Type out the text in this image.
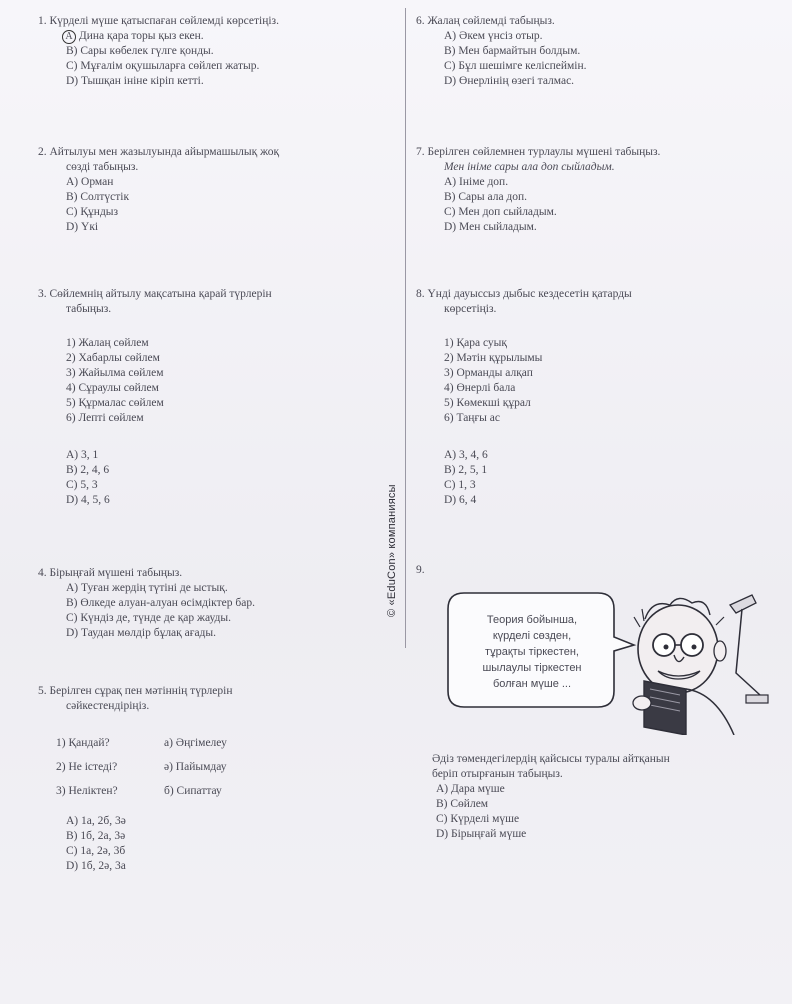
1. Күрделі мүше қатыспаған сөйлемді көрсетіңіз.
А Дина қара торы қыз екен.
В) Сары көбелек гүлге қонды.
С) Мұғалім оқушыларға сөйлеп жатыр.
D) Тышқан ініне кіріп кетті.
2. Айтылуы мен жазылуында айырмашылық жоқ
сөзді табыңыз.
А) Орман
В) Солтүстік
С) Құндыз
D) Үкі
3. Сөйлемнің айтылу мақсатына қарай түрлерін
табыңыз.
1) Жалаң сөйлем
2) Хабарлы сөйлем
3) Жайылма сөйлем
4) Сұраулы сөйлем
5) Құрмалас сөйлем
6) Лепті сөйлем
А) 3, 1
В) 2, 4, 6
С) 5, 3
D) 4, 5, 6
4. Бірыңғай мүшені табыңыз.
А) Туған жердің түтіні де ыстық.
В) Өлкеде алуан-алуан өсімдіктер бар.
С) Күндіз де, түнде де қар жауды.
D) Таудан мөлдір бұлақ ағады.
5. Берілген сұрақ пен мәтіннің түрлерін
сәйкестендіріңіз.
1) Қандай?	а) Әңгімелеу
2) Не істеді?	ә) Пайымдау
3) Неліктен?	б) Сипаттау
А) 1а, 2б, 3ә
В) 1б, 2а, 3ә
С) 1а, 2ә, 3б
D) 1б, 2ә, 3а
6. Жалаң сөйлемді табыңыз.
А) Әкем үнсіз отыр.
В) Мен бармайтын болдым.
С) Бұл шешімге келіспеймін.
D) Өнерлінің өзегі талмас.
7. Берілген сөйлемнен турлаулы мүшені табыңыз.
Мен інімe сары ала доп сыйладым.
А) Інімe доп.
В) Сары ала доп.
С) Мен доп сыйладым.
D) Мен сыйладым.
8. Үнді дауыссыз дыбыс кездесетін қатарды
көрсетіңіз.
1) Қара суық
2) Мәтін құрылымы
3) Орманды алқап
4) Өнерлі бала
5) Көмекші құрал
6) Таңғы ас
А) 3, 4, 6
В) 2, 5, 1
С) 1, 3
D) 6, 4
9.
© «EduCon» компаниясы
Теория бойынша,
күрделі сөзден,
тұрақты тіркестен,
шылаулы тіркестен
болған мүше ...
Әдіз төмендегілердің қайсысы туралы айтқанын
беріп отырғанын табыңыз.
А) Дара мүше
В) Сөйлем
С) Күрделі мүше
D) Бірыңғай мүше
